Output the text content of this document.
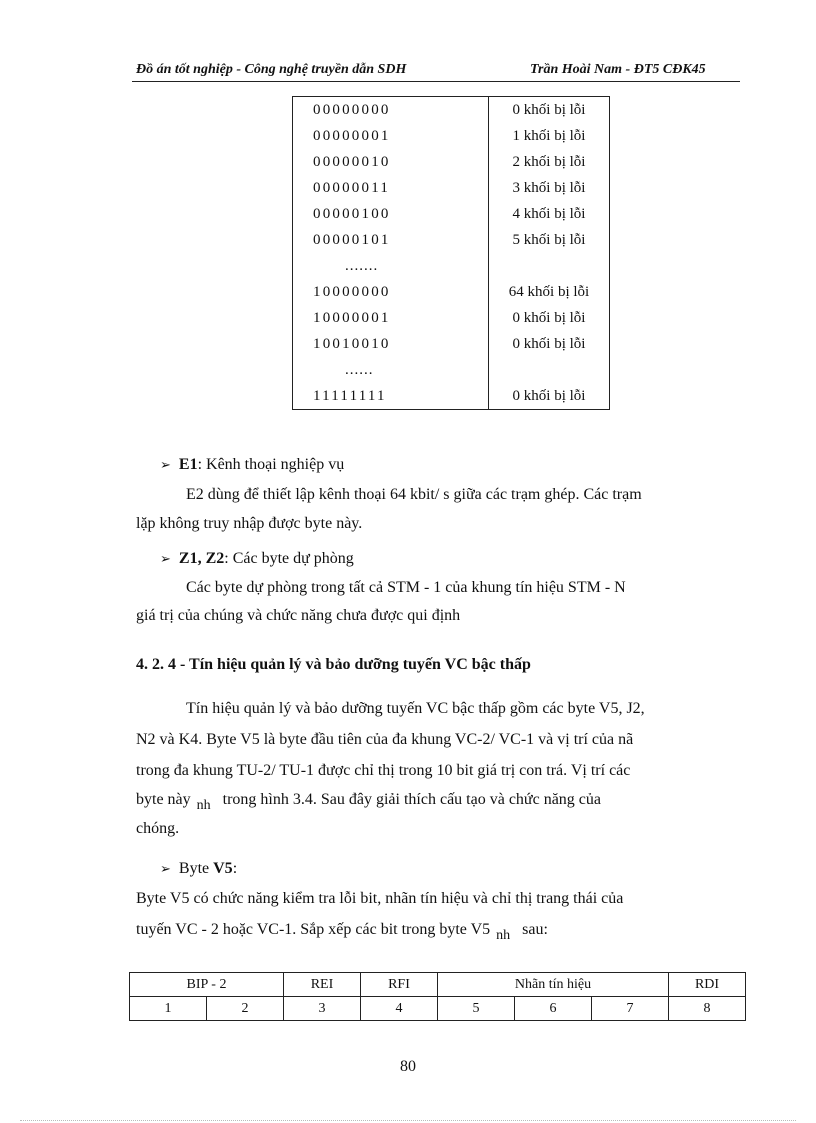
Đồ án tốt nghiệp - Công nghệ truyền dẫn SDH	Trần Hoài Nam - ĐT5 CĐK45
00000000	0 khối bị lỗi
00000001	1 khối bị lỗi
00000010	2 khối bị lỗi
00000011	3 khối bị lỗi
00000100	4 khối bị lỗi
00000101	5 khối bị lỗi
.......	
10000000	64 khối bị lỗi
10000001	0 khối bị lỗi
10010010	0 khối bị lỗi
......	
11111111	0 khối bị lỗi
➢ E1: Kênh thoại nghiệp vụ
E2 dùng để thiết lập kênh thoại 64 kbit/ s giữa các trạm ghép. Các trạm
lặp không truy nhập được byte này.
➢ Z1, Z2: Các byte dự phòng
Các byte dự phòng trong tất cả STM - 1 của khung tín hiệu STM - N
giá trị của chúng và chức năng chưa được qui định
4. 2. 4 - Tín hiệu quản lý và bảo dưỡng tuyến VC bậc thấp
Tín hiệu quản lý và bảo dưỡng tuyến VC bậc thấp gồm các byte V5, J2,
N2 và K4. Byte V5 là byte đầu tiên của đa khung VC-2/ VC-1 và vị trí của nã
trong đa khung TU-2/ TU-1 được chỉ thị trong 10 bit giá trị con trá. Vị trí các
byte này nh trong hình 3.4. Sau đây giải thích cấu tạo và chức năng của
chóng.
➢ Byte V5:
Byte V5 có chức năng kiểm tra lỗi bit, nhãn tín hiệu và chỉ thị trang thái của
tuyến VC - 2 hoặc VC-1. Sắp xếp các bit trong byte V5 nh sau:
BIP - 2		REI	RFI	Nhãn tín hiệu			RDI
1	2	3	4	5	6	7	8
80
